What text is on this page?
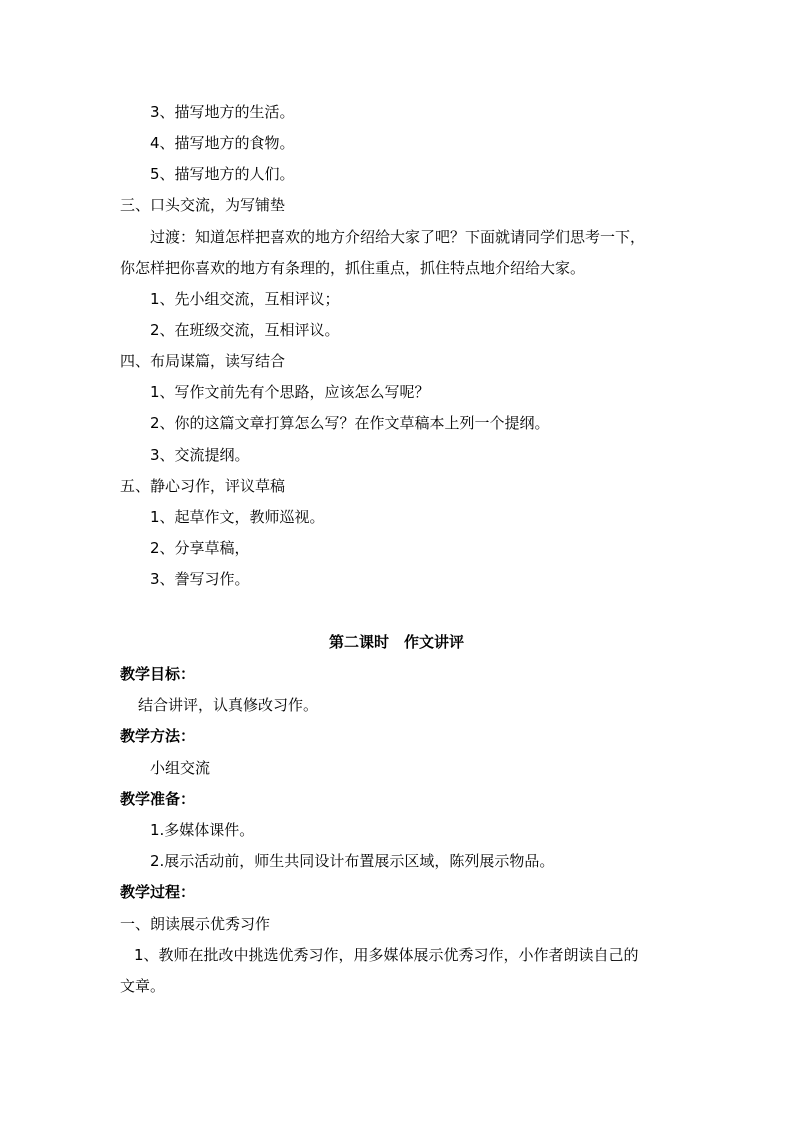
3、描写地方的生活。
4、描写地方的食物。
5、描写地方的人们。
三、口头交流，为写铺垫
过渡：知道怎样把喜欢的地方介绍给大家了吧？下面就请同学们思考一下，
你怎样把你喜欢的地方有条理的，抓住重点，抓住特点地介绍给大家。
1、先小组交流，互相评议；
2、在班级交流，互相评议。
四、布局谋篇，读写结合
1、写作文前先有个思路，应该怎么写呢？
2、你的这篇文章打算怎么写？在作文草稿本上列一个提纲。
3、交流提纲。
五、静心习作，评议草稿
1、起草作文，教师巡视。
2、分享草稿，
3、誊写习作。
第二课时　作文讲评
教学目标：
结合讲评，认真修改习作。
教学方法：
小组交流
教学准备：
1.多媒体课件。
2.展示活动前，师生共同设计布置展示区域，陈列展示物品。
教学过程：
一、朗读展示优秀习作
1、教师在批改中挑选优秀习作，用多媒体展示优秀习作，小作者朗读自己的
文章。
